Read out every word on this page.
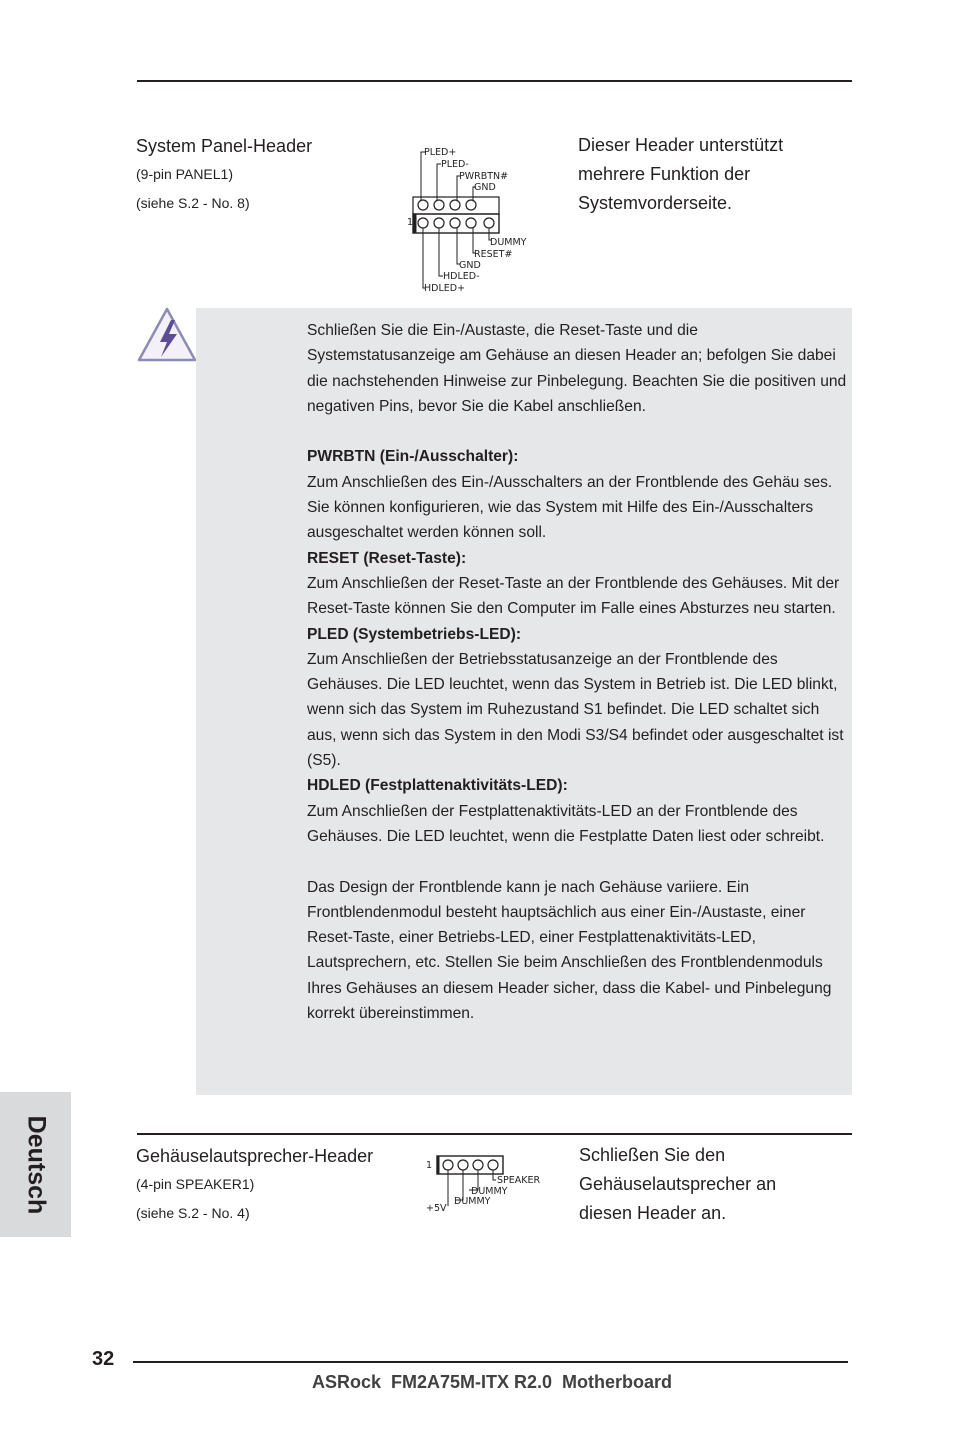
System Panel-Header
(9-pin PANEL1)
(siehe S.2 - No. 8)
1
PLED+
PLED-
PWRBTN#
GND
DUMMY
RESET#
GND
HDLED-
HDLED+
Dieser Header unterstützt
mehrere Funktion der
Systemvorderseite.

Schließen Sie die Ein-/Austaste, die Reset-Taste und die Systemstatusanzeige am Gehäuse an diesen Header an; befolgen Sie dabei die nachstehenden Hinweise zur Pinbelegung. Beachten Sie die positiven und negativen Pins, bevor Sie die Kabel anschließen.

PWRBTN (Ein-/Ausschalter):

Zum Anschließen des Ein-/Ausschalters an der Frontblende des Gehäu ses. Sie können konfigurieren, wie das System mit Hilfe des Ein-/Ausschalters ausgeschaltet werden können soll.

RESET (Reset-Taste):

Zum Anschließen der Reset-Taste an der Frontblende des Gehäuses. Mit der Reset-Taste können Sie den Computer im Falle eines Absturzes neu starten.

PLED (Systembetriebs-LED):

Zum Anschließen der Betriebsstatusanzeige an der Frontblende des Gehäuses. Die LED leuchtet, wenn das System in Betrieb ist. Die LED blinkt, wenn sich das System im Ruhezustand S1 befindet. Die LED schaltet sich aus, wenn sich das System in den Modi S3/S4 befindet oder ausgeschaltet ist (S5).

HDLED (Festplattenaktivitäts-LED):

Zum Anschließen der Festplattenaktivitäts-LED an der Frontblende des Gehäuses. Die LED leuchtet, wenn die Festplatte Daten liest oder schreibt.

Das Design der Frontblende kann je nach Gehäuse variiere. Ein Frontblendenmodul besteht hauptsächlich aus einer Ein-/Austaste, einer Reset-Taste, einer Betriebs-LED, einer Festplattenaktivitäts-LED, Lautsprechern, etc. Stellen Sie beim Anschließen des Frontblendenmoduls Ihres Gehäuses an diesem Header sicher, dass die Kabel- und Pinbelegung korrekt übereinstimmen.

Deutsch	Gehäuselautsprecher-Header
(4-pin SPEAKER1)
(siehe S.2 - No. 4)
1
SPEAKER
DUMMY
DUMMY
+5V
Schließen Sie den
Gehäuselautsprecher an
diesen Header an.
32
ASRock  FM2A75M-ITX R2.0  Motherboard
